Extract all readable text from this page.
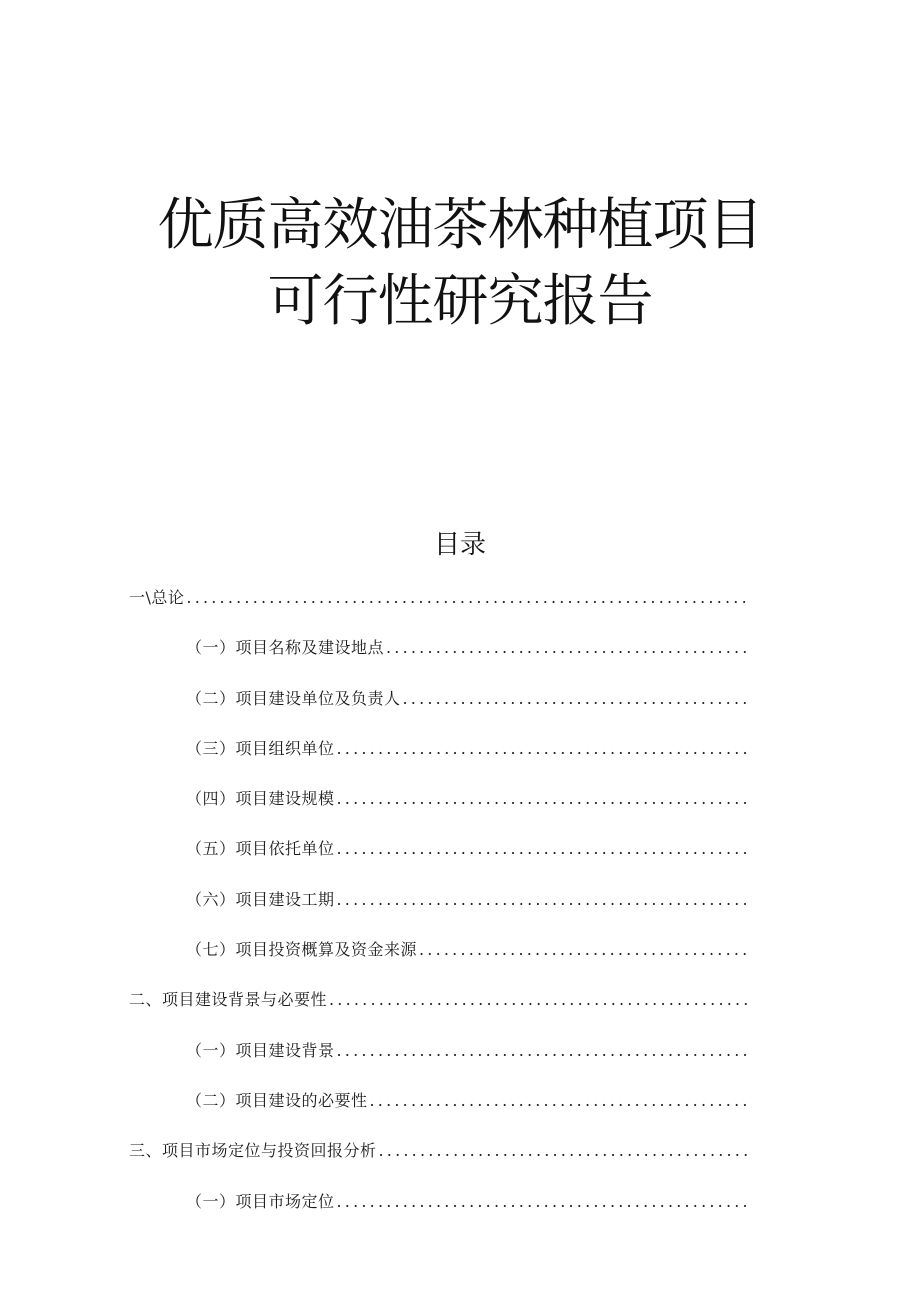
优质高效油茶林种植项目
可行性研究报告
目录
一\总论
.....
（一）项目名称及建设地点
.....
（二）项目建设单位及负责人
.....
（三）项目组织单位
.....
（四）项目建设规模
.....
（五）项目依托单位
.....
（六）项目建设工期
.....
（七）项目投资概算及资金来源
.....
二、项目建设背景与必要性
.....
（一）项目建设背景
.....
（二）项目建设的必要性
.....
三、项目市场定位与投资回报分析
.....
（一）项目市场定位
.....
